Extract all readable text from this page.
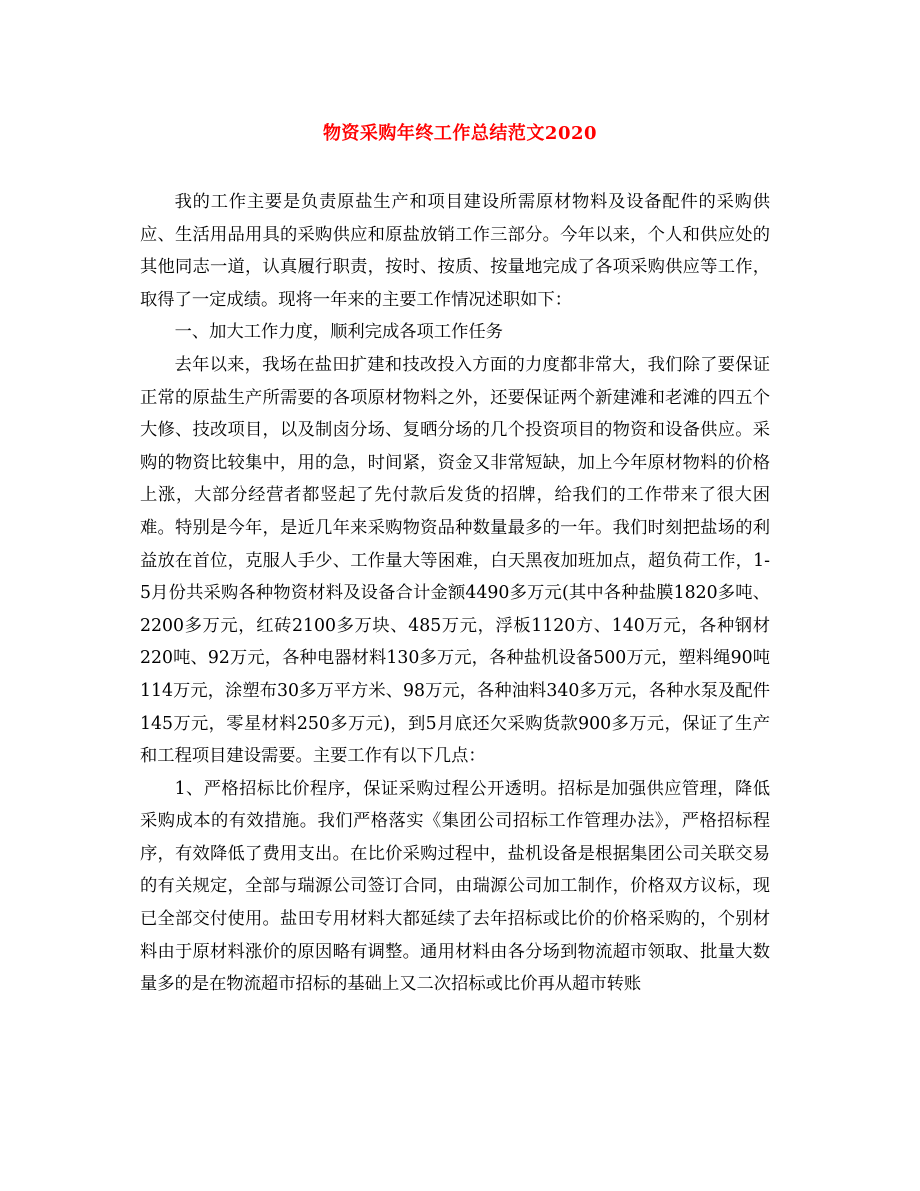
物资采购年终工作总结范文2020

我的工作主要是负责原盐生产和项目建设所需原材物料及设备配件的采购供应、生活用品用具的采购供应和原盐放销工作三部分。今年以来，个人和供应处的其他同志一道，认真履行职责，按时、按质、按量地完成了各项采购供应等工作，取得了一定成绩。现将一年来的主要工作情况述职如下：

一、加大工作力度，顺利完成各项工作任务

去年以来，我场在盐田扩建和技改投入方面的力度都非常大，我们除了要保证正常的原盐生产所需要的各项原材物料之外，还要保证两个新建滩和老滩的四五个大修、技改项目，以及制卤分场、复晒分场的几个投资项目的物资和设备供应。采购的物资比较集中，用的急，时间紧，资金又非常短缺，加上今年原材物料的价格上涨，大部分经营者都竖起了先付款后发货的招牌，给我们的工作带来了很大困难。特别是今年，是近几年来采购物资品种数量最多的一年。我们时刻把盐场的利益放在首位，克服人手少、工作量大等困难，白天黑夜加班加点，超负荷工作，1-5月份共采购各种物资材料及设备合计金额4490多万元(其中各种盐膜1820多吨、2200多万元，红砖2100多万块、485万元，浮板1120方、140万元，各种钢材220吨、92万元，各种电器材料130多万元，各种盐机设备500万元，塑料绳90吨114万元，涂塑布30多万平方米、98万元，各种油料340多万元，各种水泵及配件145万元，零星材料250多万元)，到5月底还欠采购货款900多万元，保证了生产和工程项目建设需要。主要工作有以下几点：

1、严格招标比价程序，保证采购过程公开透明。招标是加强供应管理，降低采购成本的有效措施。我们严格落实《集团公司招标工作管理办法》，严格招标程序，有效降低了费用支出。在比价采购过程中，盐机设备是根据集团公司关联交易的有关规定，全部与瑞源公司签订合同，由瑞源公司加工制作，价格双方议标，现已全部交付使用。盐田专用材料大都延续了去年招标或比价的价格采购的，个别材料由于原材料涨价的原因略有调整。通用材料由各分场到物流超市领取、批量大数量多的是在物流超市招标的基础上又二次招标或比价再从超市转账
